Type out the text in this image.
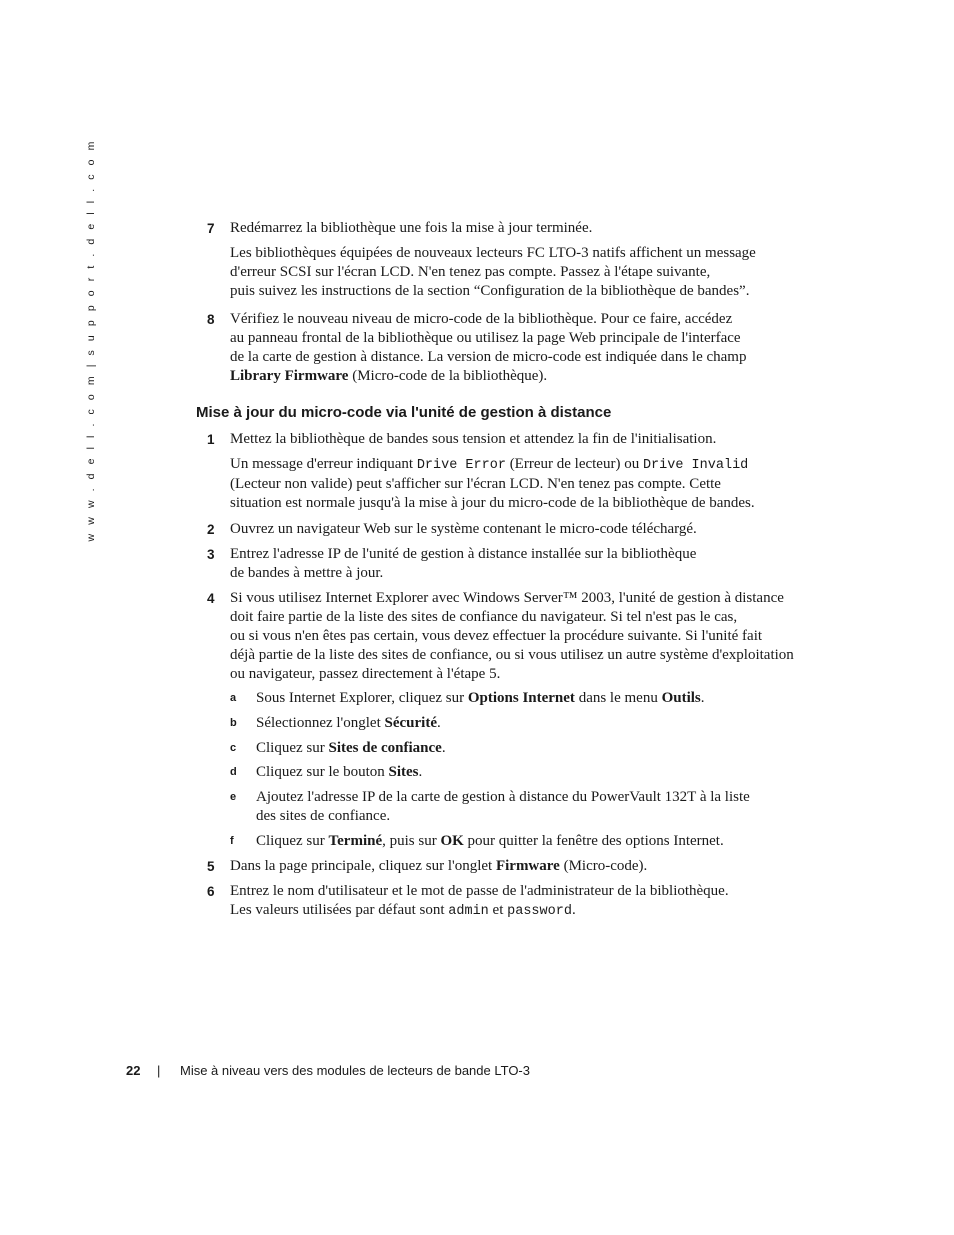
w w w . d e l l . c o m | s u p p o r t . d e l l . c o m	7 Redémarrez la bibliothèque une fois la mise à jour terminée.
Les bibliothèques équipées de nouveaux lecteurs FC LTO-3 natifs affichent un message
d'erreur SCSI sur l'écran LCD. N'en tenez pas compte. Passez à l'étape suivante,
puis suivez les instructions de la section “Configuration de la bibliothèque de bandes”.
8 Vérifiez le nouveau niveau de micro-code de la bibliothèque. Pour ce faire, accédez
au panneau frontal de la bibliothèque ou utilisez la page Web principale de l'interface
de la carte de gestion à distance. La version de micro-code est indiquée dans le champ
Library Firmware (Micro-code de la bibliothèque).
Mise à jour du micro-code via l'unité de gestion à distance
1 Mettez la bibliothèque de bandes sous tension et attendez la fin de l'initialisation.
Un message d'erreur indiquant Drive Error (Erreur de lecteur) ou Drive Invalid
(Lecteur non valide) peut s'afficher sur l'écran LCD. N'en tenez pas compte. Cette
situation est normale jusqu'à la mise à jour du micro-code de la bibliothèque de bandes.
2 Ouvrez un navigateur Web sur le système contenant le micro-code téléchargé.
3 Entrez l'adresse IP de l'unité de gestion à distance installée sur la bibliothèque
de bandes à mettre à jour.
4 Si vous utilisez Internet Explorer avec Windows Server™ 2003, l'unité de gestion à distance
doit faire partie de la liste des sites de confiance du navigateur. Si tel n'est pas le cas,
ou si vous n'en êtes pas certain, vous devez effectuer la procédure suivante. Si l'unité fait
déjà partie de la liste des sites de confiance, ou si vous utilisez un autre système d'exploitation
ou navigateur, passez directement à l'étape 5.
a Sous Internet Explorer, cliquez sur Options Internet dans le menu Outils.
b Sélectionnez l'onglet Sécurité.
c Cliquez sur Sites de confiance.
d Cliquez sur le bouton Sites.
e Ajoutez l'adresse IP de la carte de gestion à distance du PowerVault 132T à la liste
des sites de confiance.
f Cliquez sur Terminé, puis sur OK pour quitter la fenêtre des options Internet.
5 Dans la page principale, cliquez sur l'onglet Firmware (Micro-code).
6 Entrez le nom d'utilisateur et le mot de passe de l'administrateur de la bibliothèque.
Les valeurs utilisées par défaut sont admin et password.
22 | Mise à niveau vers des modules de lecteurs de bande LTO-3
